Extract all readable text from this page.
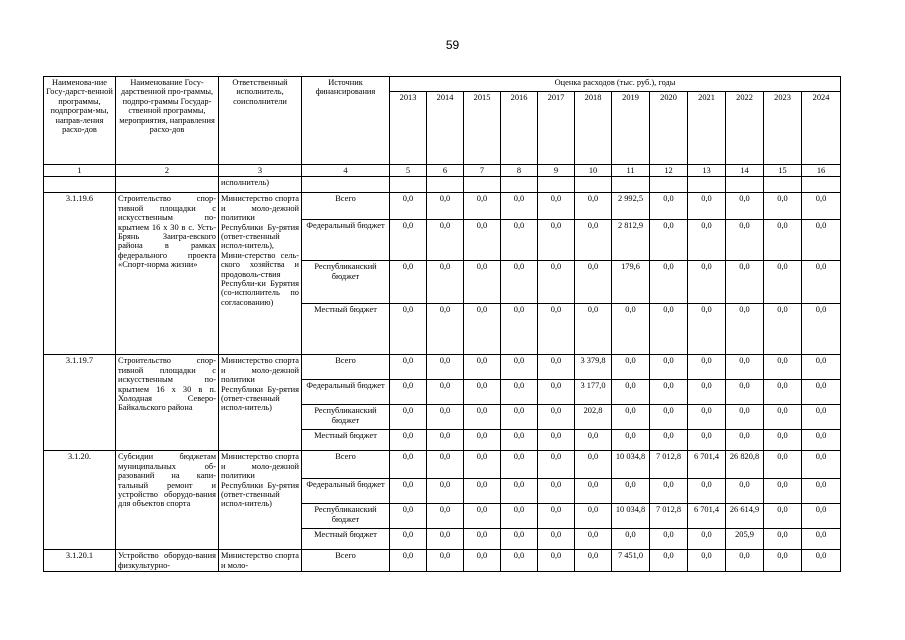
59
Наименова-ние Госу-дарст-венной программы, подпрограм-мы, направ-ления расхо-дов	Наименование Госу-дарственной про-граммы, подпро-граммы Государ-ственной программы, мероприятия, направления расхо-дов	Ответственный исполнитель, соисполнители	Источник финансирования	Оценка расходов (тыс. руб.), годы											
				2013	2014	2015	2016	2017	2018	2019	2020	2021	2022	2023	2024
1	2	3	4	5	6	7	8	9	10	11	12	13	14	15	16
		исполнитель)													
3.1.19.6	Строительство спор-тивной площадки с искусственным по-крытием 16 x 30 в с. Усть-Брянь Заигра-евского района в рамках федерального проекта «Спорт-норма жизни»	Министерство спорта и моло-дежной политики Республики Бу-рятия (ответ-ственный испол-нитель), Мини-стерство сель-ского хозяйства и продоволь-ствия Республи-ки Бурятия (со-исполнитель по согласованию)	Всего	0,0	0,0	0,0	0,0	0,0	0,0	2 992,5	0,0	0,0	0,0	0,0	0,0
			Федеральный бюджет	0,0	0,0	0,0	0,0	0,0	0,0	2 812,9	0,0	0,0	0,0	0,0	0,0
			Республиканский бюджет	0,0	0,0	0,0	0,0	0,0	0,0	179,6	0,0	0,0	0,0	0,0	0,0
			Местный бюджет	0,0	0,0	0,0	0,0	0,0	0,0	0,0	0,0	0,0	0,0	0,0	0,0
3.1.19.7	Строительство спор-тивной площадки с искусственным по-крытием 16 x 30 в п. Холодная Северо-Байкальского района	Министерство спорта и моло-дежной политики Республики Бу-рятия (ответ-ственный испол-нитель)	Всего	0,0	0,0	0,0	0,0	0,0	3 379,8	0,0	0,0	0,0	0,0	0,0	0,0
			Федеральный бюджет	0,0	0,0	0,0	0,0	0,0	3 177,0	0,0	0,0	0,0	0,0	0,0	0,0
			Республиканский бюджет	0,0	0,0	0,0	0,0	0,0	202,8	0,0	0,0	0,0	0,0	0,0	0,0
			Местный бюджет	0,0	0,0	0,0	0,0	0,0	0,0	0,0	0,0	0,0	0,0	0,0	0,0
3.1.20.	Субсидии бюджетам муниципальных об-разований на капи-тальный ремонт и устройство оборудо-вания для объектов спорта	Министерство спорта и моло-дежной политики Республики Бу-рятия (ответ-ственный испол-нитель)	Всего	0,0	0,0	0,0	0,0	0,0	0,0	10 034,8	7 012,8	6 701,4	26 820,8	0,0	0,0
			Федеральный бюджет	0,0	0,0	0,0	0,0	0,0	0,0	0,0	0,0	0,0	0,0	0,0	0,0
			Республиканский бюджет	0,0	0,0	0,0	0,0	0,0	0,0	10 034,8	7 012,8	6 701,4	26 614,9	0,0	0,0
			Местный бюджет	0,0	0,0	0,0	0,0	0,0	0,0	0,0	0,0	0,0	205,9	0,0	0,0
3.1.20.1	Устройство оборудо-вания физкультурно-	Министерство спорта и моло-	Всего	0,0	0,0	0,0	0,0	0,0	0,0	7 451,0	0,0	0,0	0,0	0,0	0,0
